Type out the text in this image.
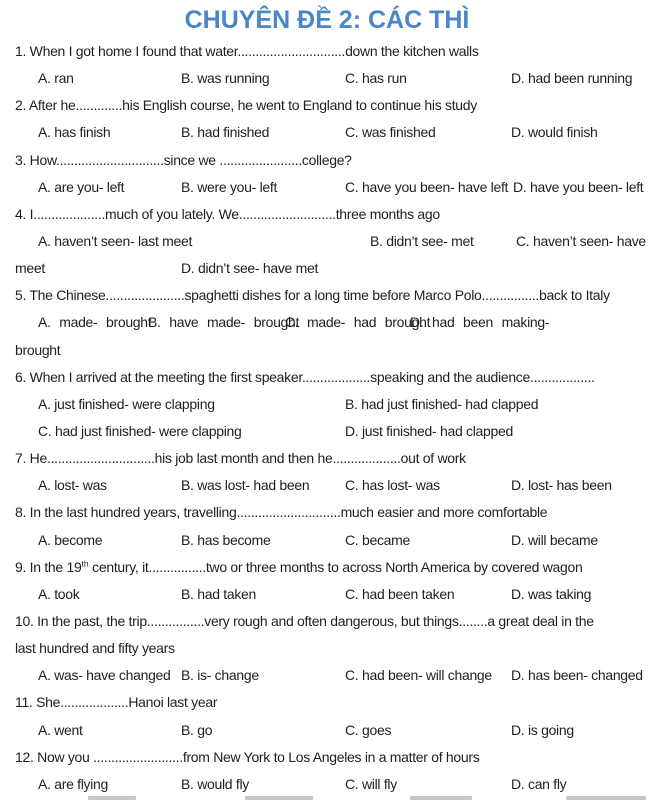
CHUYÊN ĐỀ 2: CÁC THÌ
1. When I got home I found that water..............................down the kitchen walls
A. ran	B. was running	C. has run	D. had been running
2. After he.............his English course, he went to England to continue his study
A. has finish	B. had finished	C. was finished	D. would finish
3. How..............................since we .......................college?
A. are you- left	B. were you- left	C. have you been- have left D. have you been- left
4. I....................much of you lately. We...........................three months ago
A. haven’t seen- last meet	B. didn’t see- met	C. haven’t seen- have
meet	D. didn’t see- have met
5. The Chinese......................spaghetti dishes for a long time before Marco Polo................back to Italy
A. made- brought
B. have made- brought
C. made- had brought
D. had been making-
brought
6. When I arrived at the meeting the first speaker...................speaking and the audience..................
A. just finished- were clapping	B. had just finished- had clapped
C. had just finished- were clapping	D. just finished- had clapped
7. He..............................his job last month and then he...................out of work
A. lost- was	B. was lost- had been	C. has lost- was	D. lost- has been
8. In the last hundred years, travelling.............................much easier and more comfortable
A. become	B. has become	C. became	D. will became
9. In the 19th century, it................two or three months to across North America by covered wagon
A. took	B. had taken	C. had been taken	D. was taking
10. In the past, the trip................very rough and often dangerous, but things........a great deal in the
last hundred and fifty years
A. was- have changed B. is- change	C. had been- will change D. has been- changed
11. She...................Hanoi last year
A. went	B. go	C. goes	D. is going
12. Now you .........................from New York to Los Angeles in a matter of hours
A. are flying	B. would fly	C. will fly	D. can fly
